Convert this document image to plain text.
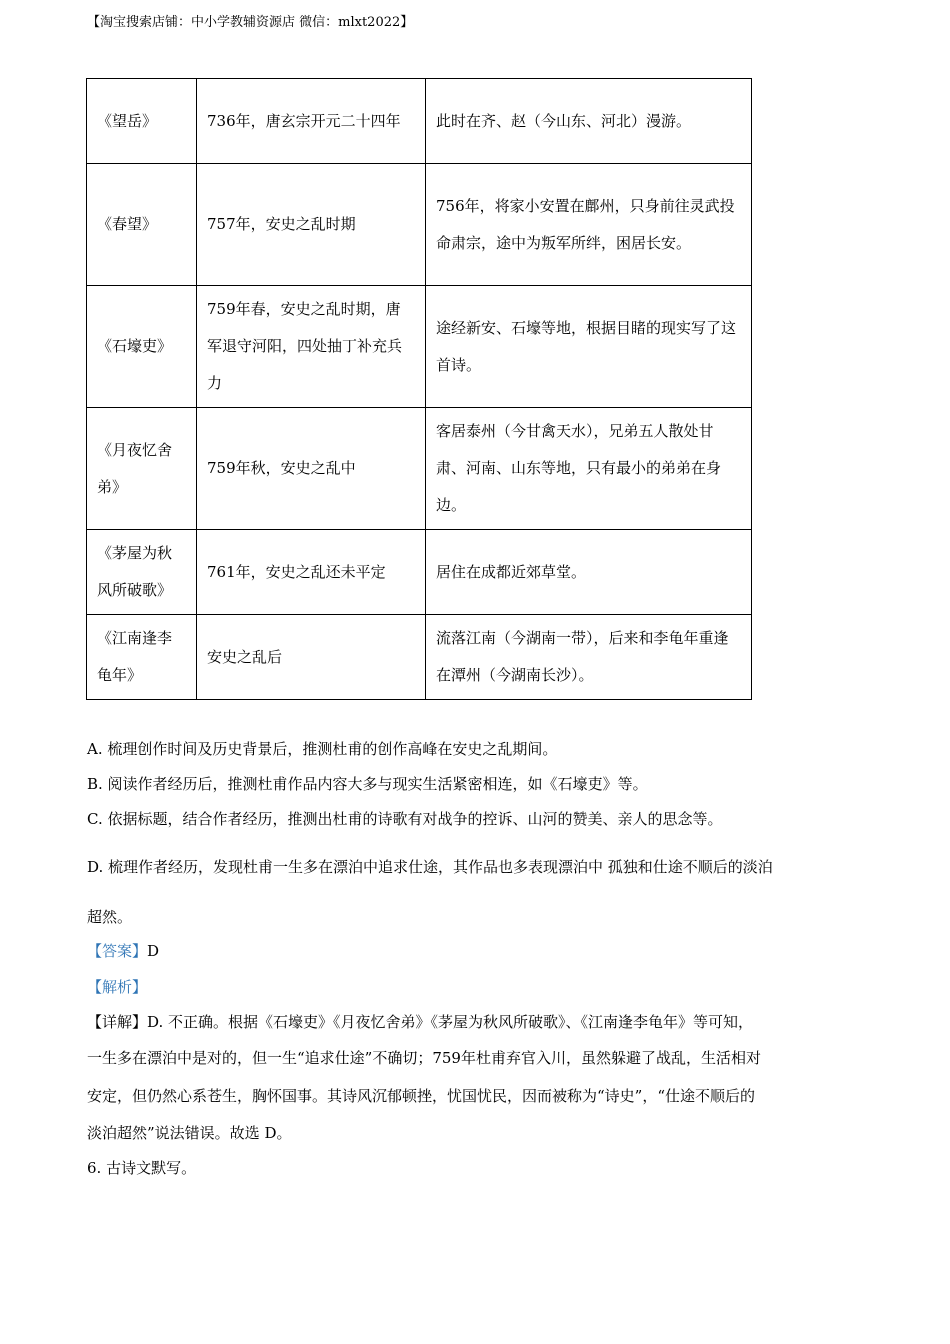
【淘宝搜索店铺：中小学教辅资源店 微信：mlxt2022】
《望岳》	736年，唐玄宗开元二十四年	此时在齐、赵（今山东、河北）漫游。
《春望》	757年，安史之乱时期	756年，将家小安置在鄜州，只身前往灵武投命肃宗，途中为叛军所绊，困居长安。
《石壕吏》	759年春，安史之乱时期，唐军退守河阳，四处抽丁补充兵力	途经新安、石壕等地，根据目睹的现实写了这首诗。
《月夜忆舍弟》	759年秋，安史之乱中	客居泰州（今甘禽天水），兄弟五人散处甘肃、河南、山东等地，只有最小的弟弟在身边。
《茅屋为秋风所破歌》	761年，安史之乱还未平定	居住在成都近郊草堂。
《江南逢李龟年》	安史之乱后	流落江南（今湖南一带），后来和李龟年重逢在潭州（今湖南长沙）。
A. 梳理创作时间及历史背景后，推测杜甫的创作高峰在安史之乱期间。
B. 阅读作者经历后，推测杜甫作品内容大多与现实生活紧密相连，如《石壕吏》等。
C. 依据标题，结合作者经历，推测出杜甫的诗歌有对战争的控诉、山河的赞美、亲人的思念等。
D. 梳理作者经历，发现杜甫一生多在漂泊中追求仕途，其作品也多表现漂泊中 孤独和仕途不顺后的淡泊
超然。
【答案】D
【解析】
【详解】D. 不正确。根据《石壕吏》《月夜忆舍弟》《茅屋为秋风所破歌》、《江南逢李龟年》等可知，
一生多在漂泊中是对的，但一生“追求仕途”不确切；759年杜甫弃官入川，虽然躲避了战乱，生活相对
安定，但仍然心系苍生，胸怀国事。其诗风沉郁顿挫，忧国忧民，因而被称为“诗史”，“仕途不顺后的
淡泊超然”说法错误。故选 D。
6. 古诗文默写。
